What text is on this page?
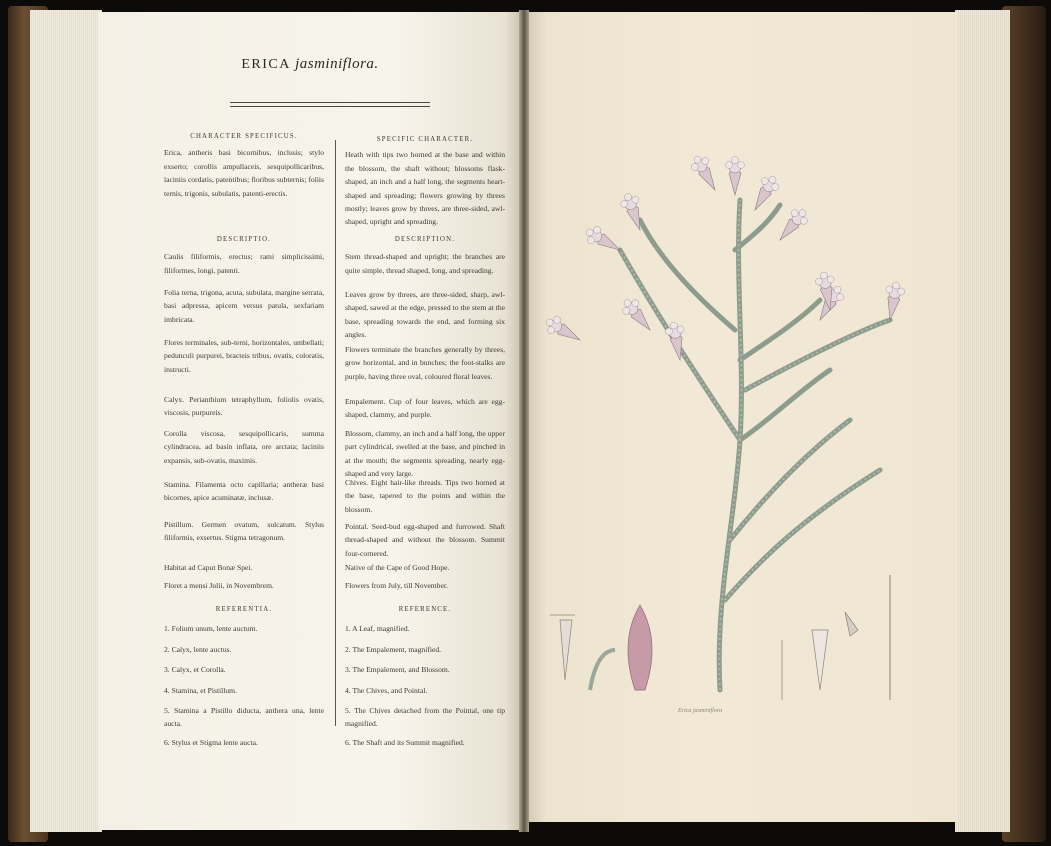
ERICA jasminiflora.
CHARACTER SPECIFICUS.

Erica, antheris basi bicornibus, inclusis; stylo exserto; corollis ampullaceis, sesquipollicaribus, laciniis cordatis, patentibus; floribus subternis; foliis ternis, trigonis, subulatis, patenti-erectis.

DESCRIPTIO.

Caulis filiformis, erectus; rami simplicissimi, filiformes, longi, patenti.

Folia terna, trigona, acuta, subulata, margine serrata, basi adpressa, apicem versus patula, sexfariam imbricata.

Flores terminales, sub-terni, horizontales, umbellati; pedunculi purpurei, bracteis tribus, ovatis, coloratis, instructi.

Calyx. Perianthium tetraphyllum, foliolis ovatis, viscosis, purpureis.

Corolla viscosa, sesquipollicaris, summa cylindracea, ad basin inflata, ore arctata; laciniis expansis, sub-ovatis, maximis.

Stamina. Filamenta octo capillaria; antheræ basi bicornes, apice acuminatæ, inclusæ.

Pistillum. Germen ovatum, sulcatum. Stylus filiformis, exsertus. Stigma tetragonum.

Habitat ad Caput Bonæ Spei.

Floret a mensi Julii, in Novembrem.

REFERENTIA.

1. Folium unum, lente auctum.

2. Calyx, lente auctus.

3. Calyx, et Corolla.

4. Stamina, et Pistillum.

5. Stamina a Pistillo diducta, anthera una, lente aucta.

6. Stylus et Stigma lente aucta.

SPECIFIC CHARACTER.

Heath with tips two horned at the base and within the blossom, the shaft without; blossoms flask-shaped, an inch and a half long, the segments heart-shaped and spreading; flowers growing by threes mostly; leaves grow by threes, are three-sided, awl-shaped, upright and spreading.

DESCRIPTION.

Stem thread-shaped and upright; the branches are quite simple, thread shaped, long, and spreading.

Leaves grow by threes, are three-sided, sharp, awl-shaped, sawed at the edge, pressed to the stem at the base, spreading towards the end, and forming six angles.

Flowers terminate the branches generally by threes, grow horizontal, and in bunches; the foot-stalks are purple, having three oval, coloured floral leaves.

Empalement. Cup of four leaves, which are egg-shaped, clammy, and purple.

Blossom, clammy, an inch and a half long, the upper part cylindrical, swelled at the base, and pinched in at the mouth; the segments spreading, nearly egg-shaped and very large.

Chives. Eight hair-like threads. Tips two horned at the base, tapered to the points and within the blossom.

Pointal. Seed-bud egg-shaped and furrowed. Shaft thread-shaped and without the blossom. Summit four-cornered.

Native of the Cape of Good Hope.

Flowers from July, till November.

REFERENCE.

1. A Leaf, magnified.

2. The Empalement, magnified.

3. The Empalement, and Blossom.

4. The Chives, and Pointal.

5. The Chives detached from the Pointal, one tip magnified.

6. The Shaft and its Summit magnified.

Erica jasminiflora
